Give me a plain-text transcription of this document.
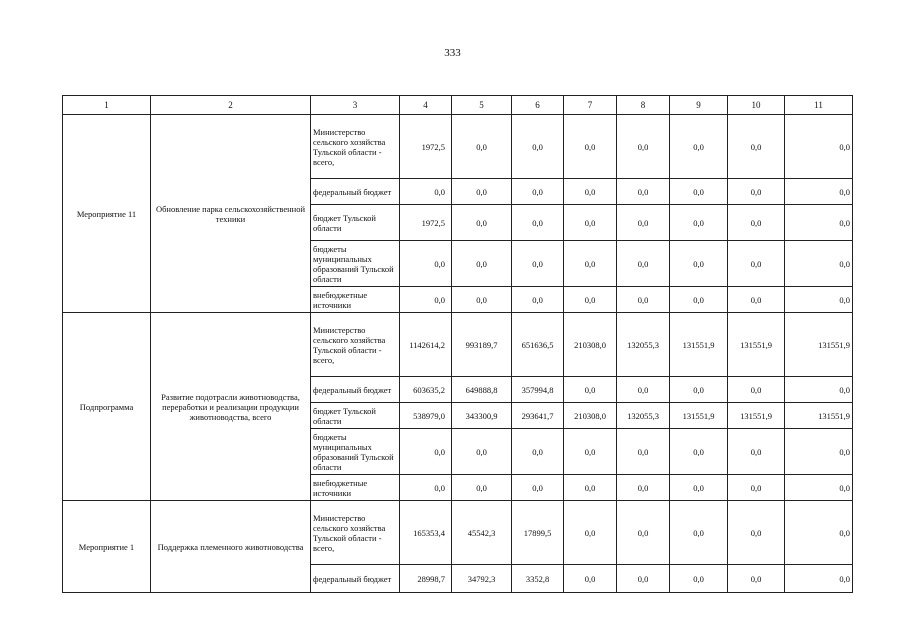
333
1	2	3	4	5	6	7	8	9	10	11
Мероприятие 11	Обновление парка сельскохозяйственной техники	Министерство сельского хозяйства Тульской области - всего,	1972,5	0,0	0,0	0,0	0,0	0,0	0,0	0,0
		федеральный бюджет	0,0	0,0	0,0	0,0	0,0	0,0	0,0	0,0
		бюджет Тульской области	1972,5	0,0	0,0	0,0	0,0	0,0	0,0	0,0
		бюджеты муниципальных образований Тульской области	0,0	0,0	0,0	0,0	0,0	0,0	0,0	0,0
		внебюджетные источники	0,0	0,0	0,0	0,0	0,0	0,0	0,0	0,0
Подпрограмма	Развитие подотрасли животноводства, переработки и реализации продукции животноводства, всего	Министерство сельского хозяйства Тульской области - всего,	1142614,2	993189,7	651636,5	210308,0	132055,3	131551,9	131551,9	131551,9
		федеральный бюджет	603635,2	649888,8	357994,8	0,0	0,0	0,0	0,0	0,0
		бюджет Тульской области	538979,0	343300,9	293641,7	210308,0	132055,3	131551,9	131551,9	131551,9
		бюджеты муниципальных образований Тульской области	0,0	0,0	0,0	0,0	0,0	0,0	0,0	0,0
		внебюджетные источники	0,0	0,0	0,0	0,0	0,0	0,0	0,0	0,0
Мероприятие 1	Поддержка племенного животноводства	Министерство сельского хозяйства Тульской области - всего,	165353,4	45542,3	17899,5	0,0	0,0	0,0	0,0	0,0
		федеральный бюджет	28998,7	34792,3	3352,8	0,0	0,0	0,0	0,0	0,0
